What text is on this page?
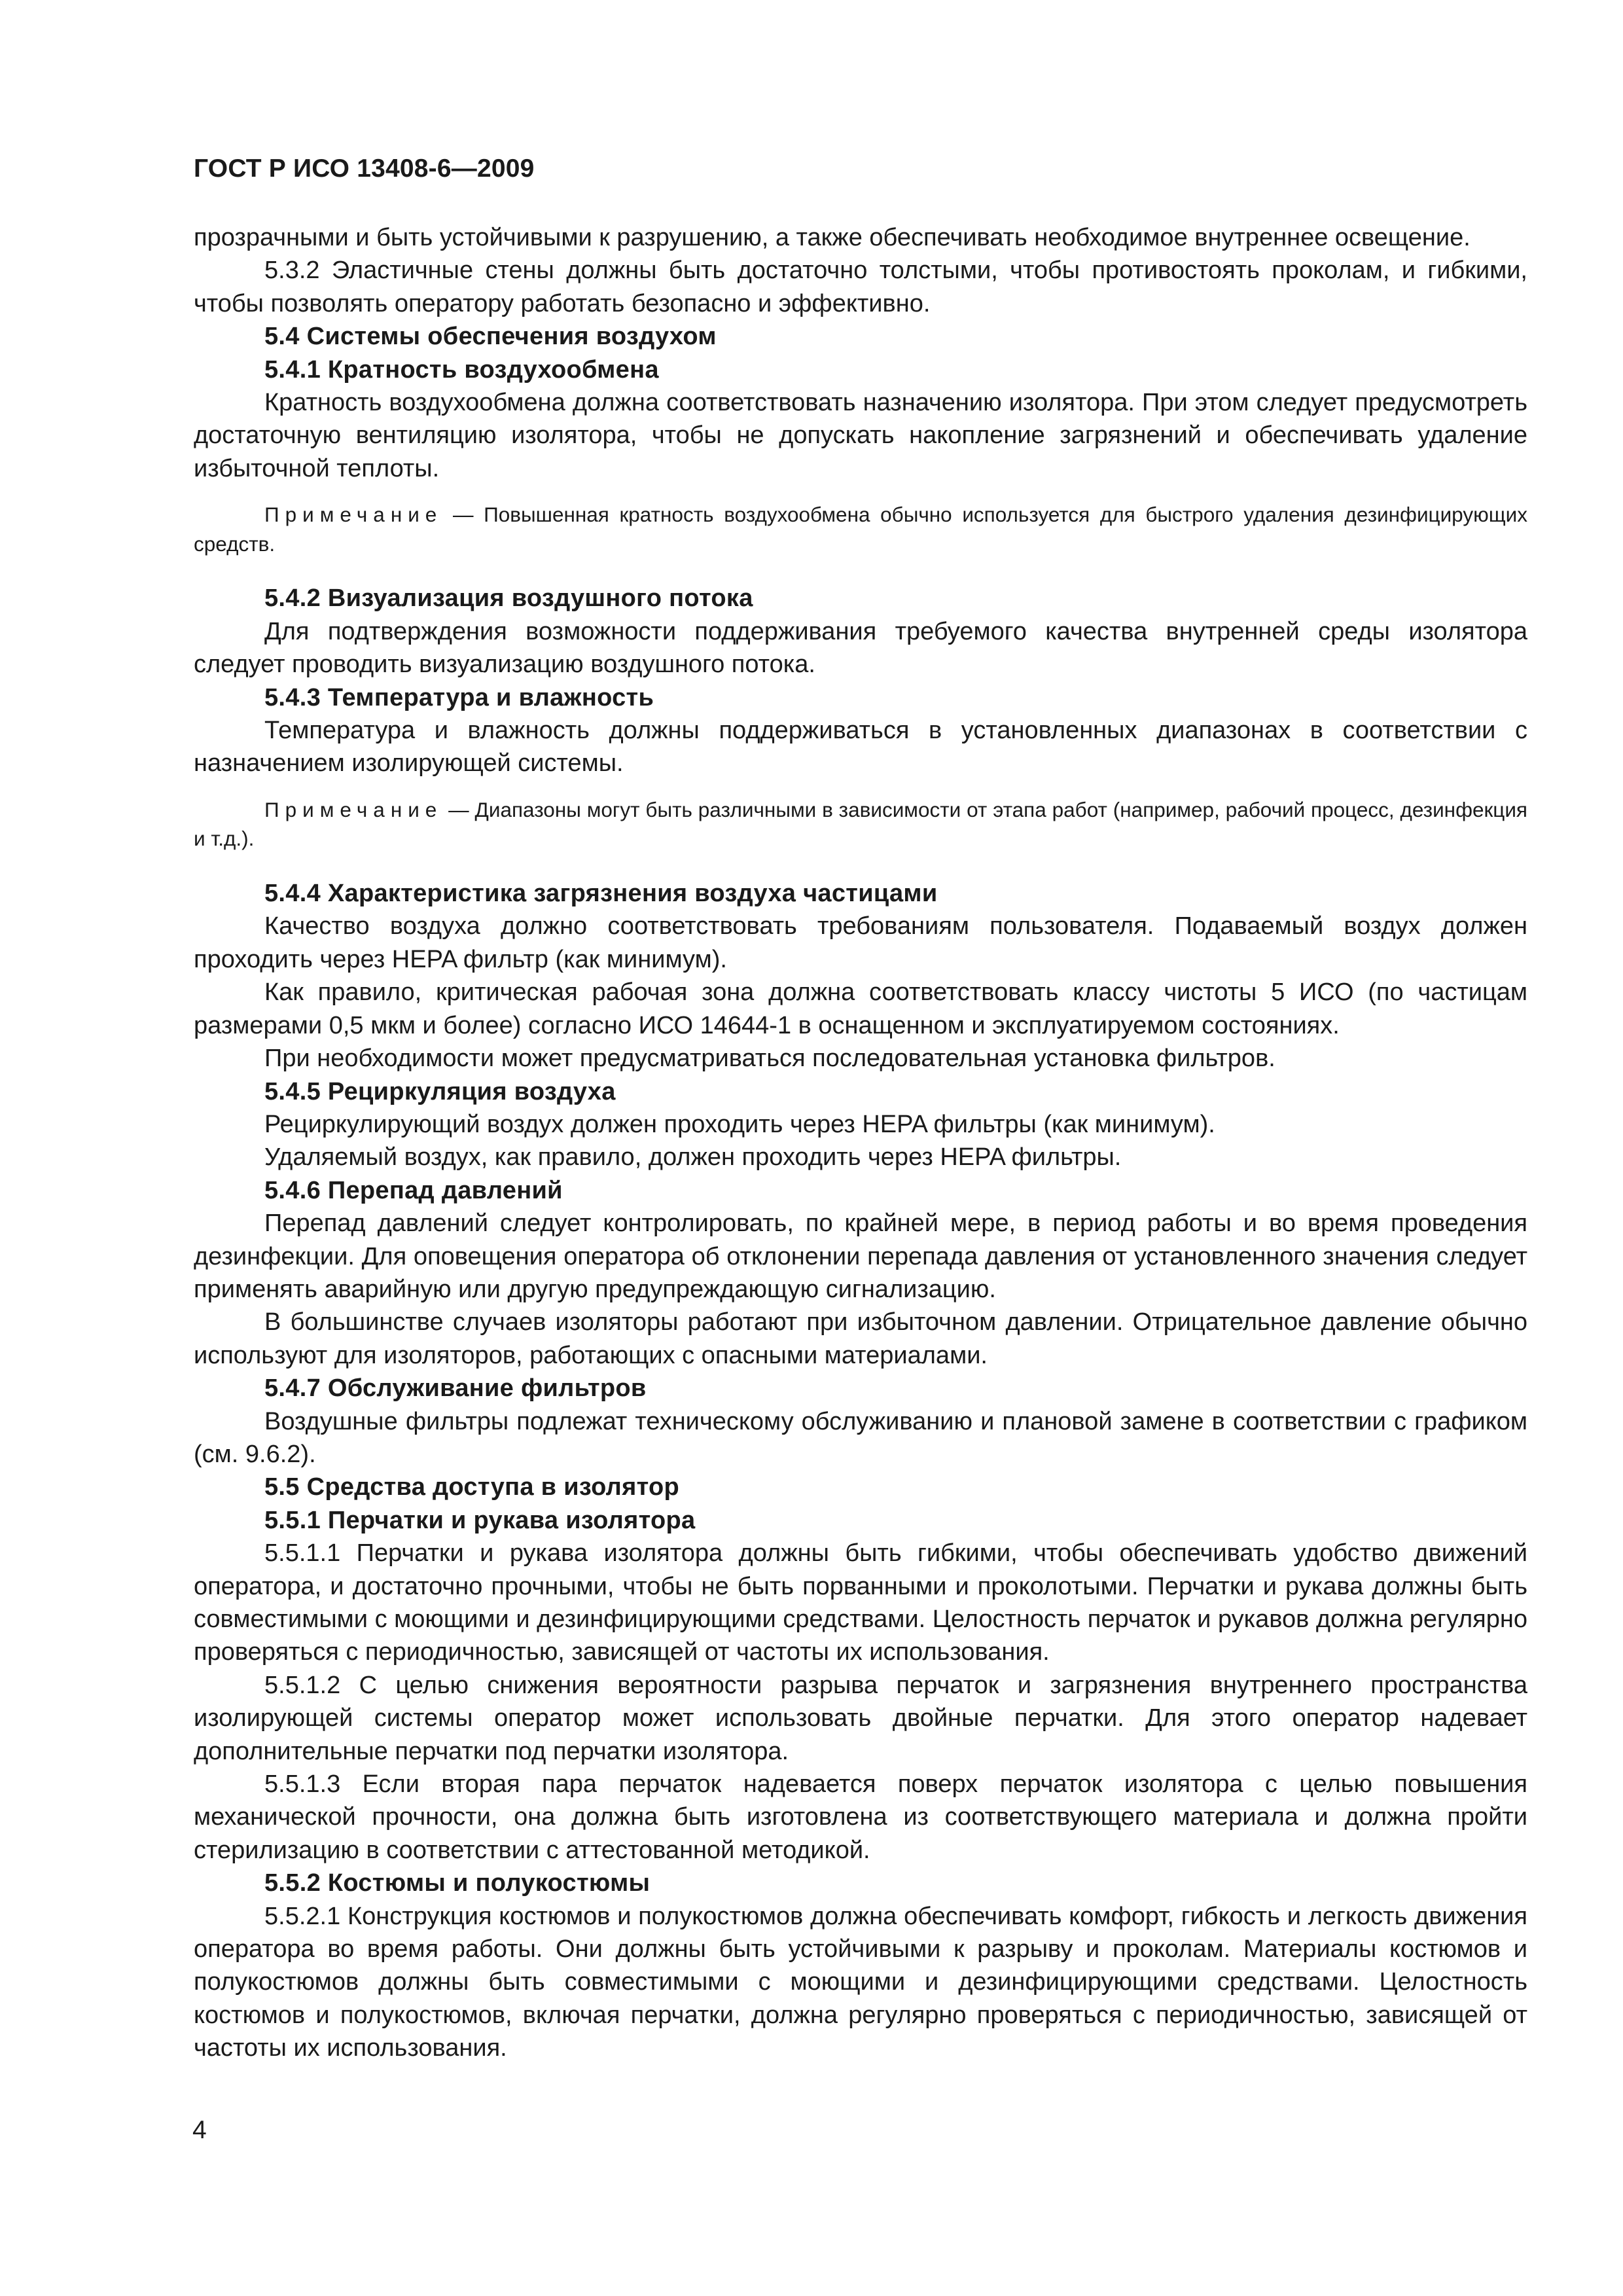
ГОСТ Р ИСО 13408-6—2009

прозрачными и быть устойчивыми к разрушению, а также обеспечивать необходимое внутреннее освещение.

5.3.2 Эластичные стены должны быть достаточно толстыми, чтобы противостоять проколам, и гибкими, чтобы позволять оператору работать безопасно и эффективно.

5.4 Системы обеспечения воздухом

5.4.1 Кратность воздухообмена

Кратность воздухообмена должна соответствовать назначению изолятора. При этом следует предусмотреть достаточную вентиляцию изолятора, чтобы не допускать накопление загрязнений и обеспечивать удаление избыточной теплоты.

Примечание — Повышенная кратность воздухообмена обычно используется для быстрого удаления дезинфицирующих средств.

5.4.2 Визуализация воздушного потока

Для подтверждения возможности поддерживания требуемого качества внутренней среды изолятора следует проводить визуализацию воздушного потока.

5.4.3 Температура и влажность

Температура и влажность должны поддерживаться в установленных диапазонах в соответствии с назначением изолирующей системы.

Примечание — Диапазоны могут быть различными в зависимости от этапа работ (например, рабочий процесс, дезинфекция и т.д.).

5.4.4 Характеристика загрязнения воздуха частицами

Качество воздуха должно соответствовать требованиям пользователя. Подаваемый воздух должен проходить через HEPA фильтр (как минимум).

Как правило, критическая рабочая зона должна соответствовать классу чистоты 5 ИСО (по частицам размерами 0,5 мкм и более) согласно ИСО 14644-1 в оснащенном и эксплуатируемом состояниях.

При необходимости может предусматриваться последовательная установка фильтров.

5.4.5 Рециркуляция воздуха

Рециркулирующий воздух должен проходить через HEPA фильтры (как минимум).

Удаляемый воздух, как правило, должен проходить через HEPA фильтры.

5.4.6 Перепад давлений

Перепад давлений следует контролировать, по крайней мере, в период работы и во время проведения дезинфекции. Для оповещения оператора об отклонении перепада давления от установленного значения следует применять аварийную или другую предупреждающую сигнализацию.

В большинстве случаев изоляторы работают при избыточном давлении. Отрицательное давление обычно используют для изоляторов, работающих с опасными материалами.

5.4.7 Обслуживание фильтров

Воздушные фильтры подлежат техническому обслуживанию и плановой замене в соответствии с графиком (см. 9.6.2).

5.5 Средства доступа в изолятор

5.5.1 Перчатки и рукава изолятора

5.5.1.1 Перчатки и рукава изолятора должны быть гибкими, чтобы обеспечивать удобство движений оператора, и достаточно прочными, чтобы не быть порванными и проколотыми. Перчатки и рукава должны быть совместимыми с моющими и дезинфицирующими средствами. Целостность перчаток и рукавов должна регулярно проверяться с периодичностью, зависящей от частоты их использования.

5.5.1.2 С целью снижения вероятности разрыва перчаток и загрязнения внутреннего пространства изолирующей системы оператор может использовать двойные перчатки. Для этого оператор надевает дополнительные перчатки под перчатки изолятора.

5.5.1.3 Если вторая пара перчаток надевается поверх перчаток изолятора с целью повышения механической прочности, она должна быть изготовлена из соответствующего материала и должна пройти стерилизацию в соответствии с аттестованной методикой.

5.5.2 Костюмы и полукостюмы

5.5.2.1 Конструкция костюмов и полукостюмов должна обеспечивать комфорт, гибкость и легкость движения оператора во время работы. Они должны быть устойчивыми к разрыву и проколам. Материалы костюмов и полукостюмов должны быть совместимыми с моющими и дезинфицирующими средствами. Целостность костюмов и полукостюмов, включая перчатки, должна регулярно проверяться с периодичностью, зависящей от частоты их использования.

4
